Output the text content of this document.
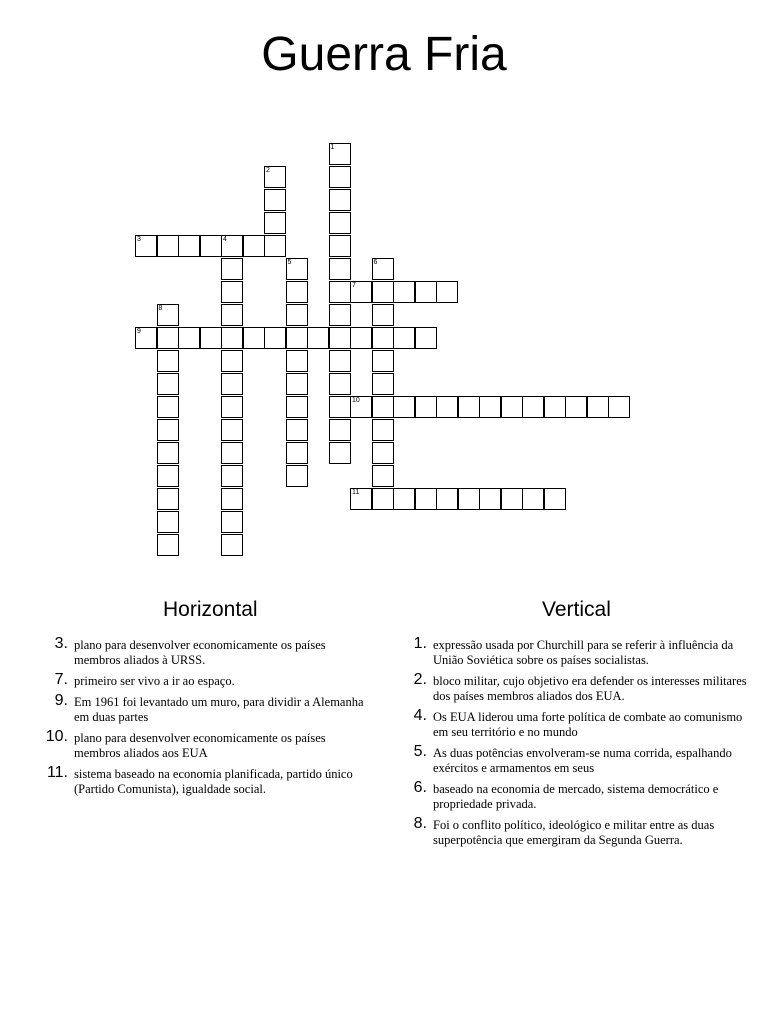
Guerra Fria
1
2
3	4
5	6
7
8
9
10
11
Horizontal	Vertical
3. plano para desenvolver economicamente os países membros aliados à URSS.
7. primeiro ser vivo a ir ao espaço.
9. Em 1961 foi levantado um muro, para dividir a Alemanha em duas partes
10. plano para desenvolver economicamente os países membros aliados aos EUA
11. sistema baseado na economia planificada, partido único (Partido Comunista), igualdade social.
1. expressão usada por Churchill para se referir à influência da União Soviética sobre os países socialistas.
2. bloco militar, cujo objetivo era defender os interesses militares dos países membros aliados dos EUA.
4. Os EUA liderou uma forte política de combate ao comunismo em seu território e no mundo
5. As duas potências envolveram-se numa corrida, espalhando exércitos e armamentos em seus
6. baseado na economia de mercado, sistema democrático e propriedade privada.
8. Foi o conflito político, ideológico e militar entre as duas superpotência que emergiram da Segunda Guerra.
